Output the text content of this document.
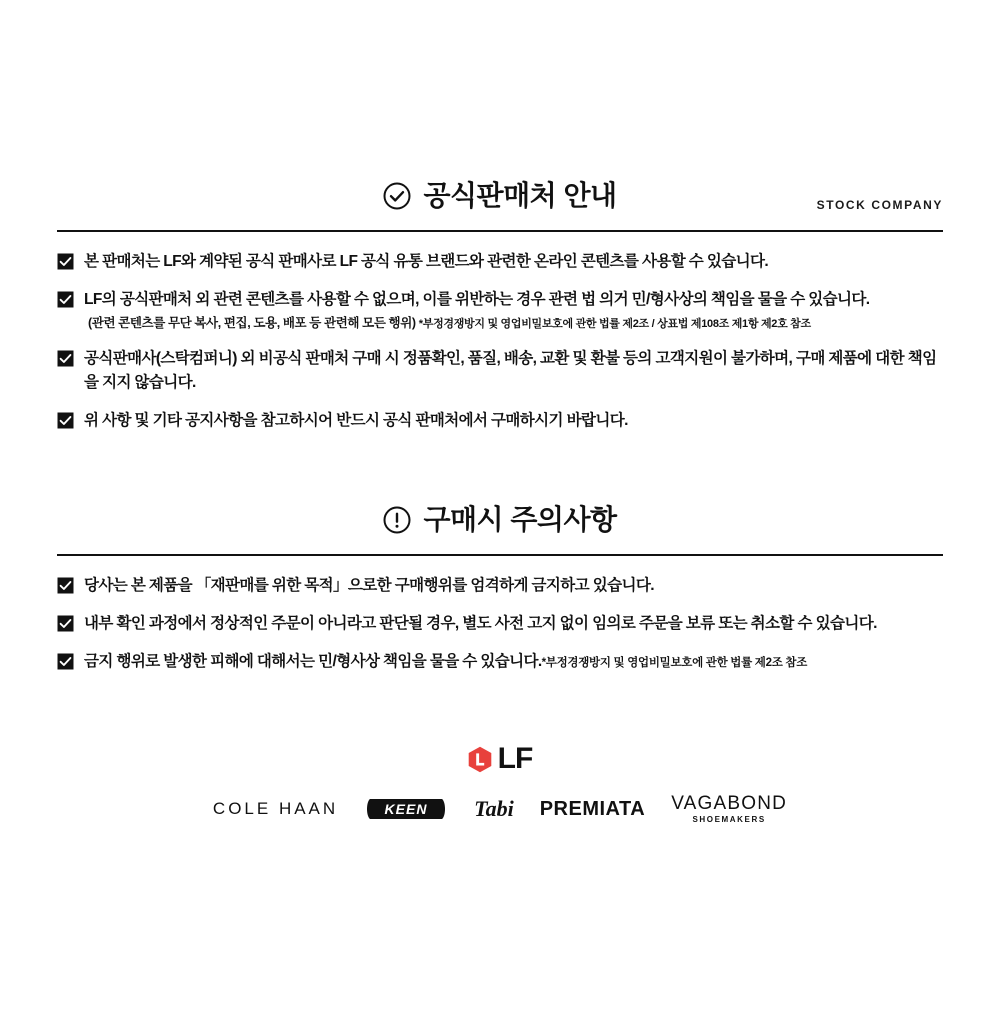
공식판매처 안내	STOCK COMPANY
본 판매처는 LF와 계약된 공식 판매사로 LF 공식 유통 브랜드와 관련한 온라인 콘텐츠를 사용할 수 있습니다.
LF의 공식판매처 외 관련 콘텐츠를 사용할 수 없으며, 이를 위반하는 경우 관련 법 의거 민/형사상의 책임을 물을 수 있습니다.
(관련 콘텐츠를 무단 복사, 편집, 도용, 배포 등 관련해 모든 행위) *부정경쟁방지 및 영업비밀보호에 관한 법률 제2조 / 상표법 제108조 제1항 제2호 참조
공식판매사(스탁컴퍼니) 외 비공식 판매처 구매 시 정품확인, 품질, 배송, 교환 및 환불 등의 고객지원이 불가하며, 구매 제품에 대한 책임을 지지 않습니다.
위 사항 및 기타 공지사항을 참고하시어 반드시 공식 판매처에서 구매하시기 바랍니다.
구매시 주의사항
당사는 본 제품을 「재판매를 위한 목적」으로한 구매행위를 엄격하게 금지하고 있습니다.
내부 확인 과정에서 정상적인 주문이 아니라고 판단될 경우, 별도 사전 고지 없이 임의로 주문을 보류 또는 취소할 수 있습니다.
금지 행위로 발생한 피해에 대해서는 민/형사상 책임을 물을 수 있습니다.*부정경쟁방지 및 영업비밀보호에 관한 법률 제2조 참조
LF
COLE HAAN	KEEN Tabi PREMIATA VAGABOND
SHOEMAKERS
